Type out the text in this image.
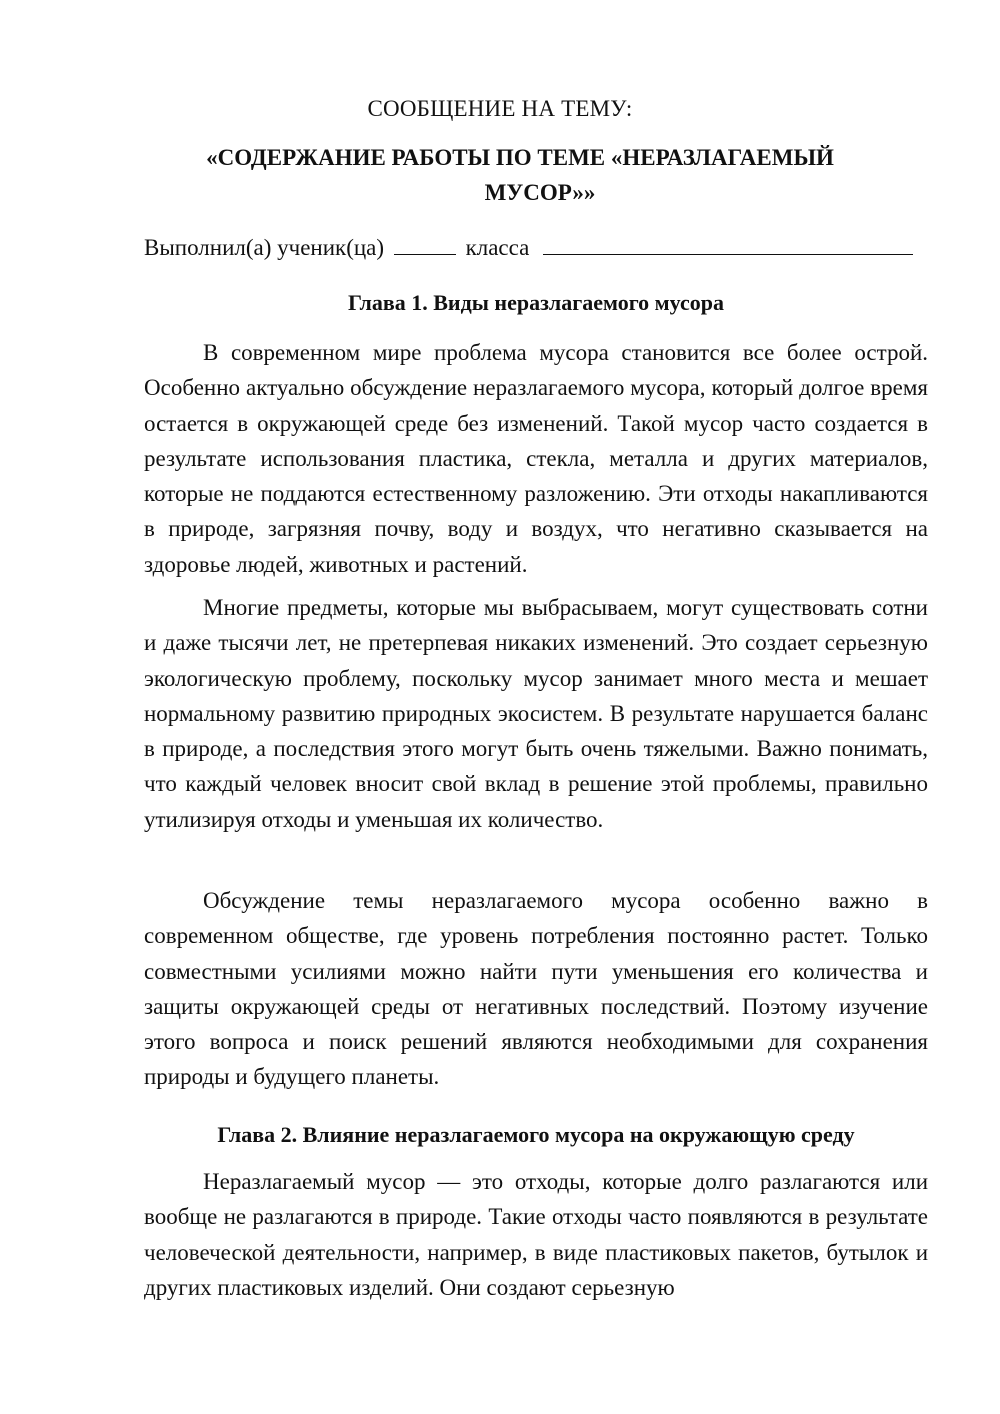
СООБЩЕНИЕ НА ТЕМУ:

«СОДЕРЖАНИЕ РАБОТЫ ПО ТЕМЕ «НЕРАЗЛАГАЕМЫЙ

МУСОР»»

Выполнил(а) ученик(ца)	класса
Глава 1. Виды неразлагаемого мусора

В современном мире проблема мусора становится все более острой. Особенно актуально обсуждение неразлагаемого мусора, который долгое время остается в окружающей среде без изменений. Такой мусор часто создается в результате использования пластика, стекла, металла и других материалов, которые не поддаются естественному разложению. Эти отходы накапливаются в природе, загрязняя почву, воду и воздух, что негативно сказывается на здоровье людей, животных и растений.

Многие предметы, которые мы выбрасываем, могут существовать сотни и даже тысячи лет, не претерпевая никаких изменений. Это создает серьезную экологическую проблему, поскольку мусор занимает много места и мешает нормальному развитию природных экосистем. В результате нарушается баланс в природе, а последствия этого могут быть очень тяжелыми. Важно понимать, что каждый человек вносит свой вклад в решение этой проблемы, правильно утилизируя отходы и уменьшая их количество.

Обсуждение темы неразлагаемого мусора особенно важно в современном обществе, где уровень потребления постоянно растет. Только совместными усилиями можно найти пути уменьшения его количества и защиты окружающей среды от негативных последствий. Поэтому изучение этого вопроса и поиск решений являются необходимыми для сохранения природы и будущего планеты.

Глава 2. Влияние неразлагаемого мусора на окружающую среду

Неразлагаемый мусор — это отходы, которые долго разлагаются или вообще не разлагаются в природе. Такие отходы часто появляются в результате человеческой деятельности, например, в виде пластиковых пакетов, бутылок и других пластиковых изделий. Они создают серьезную
